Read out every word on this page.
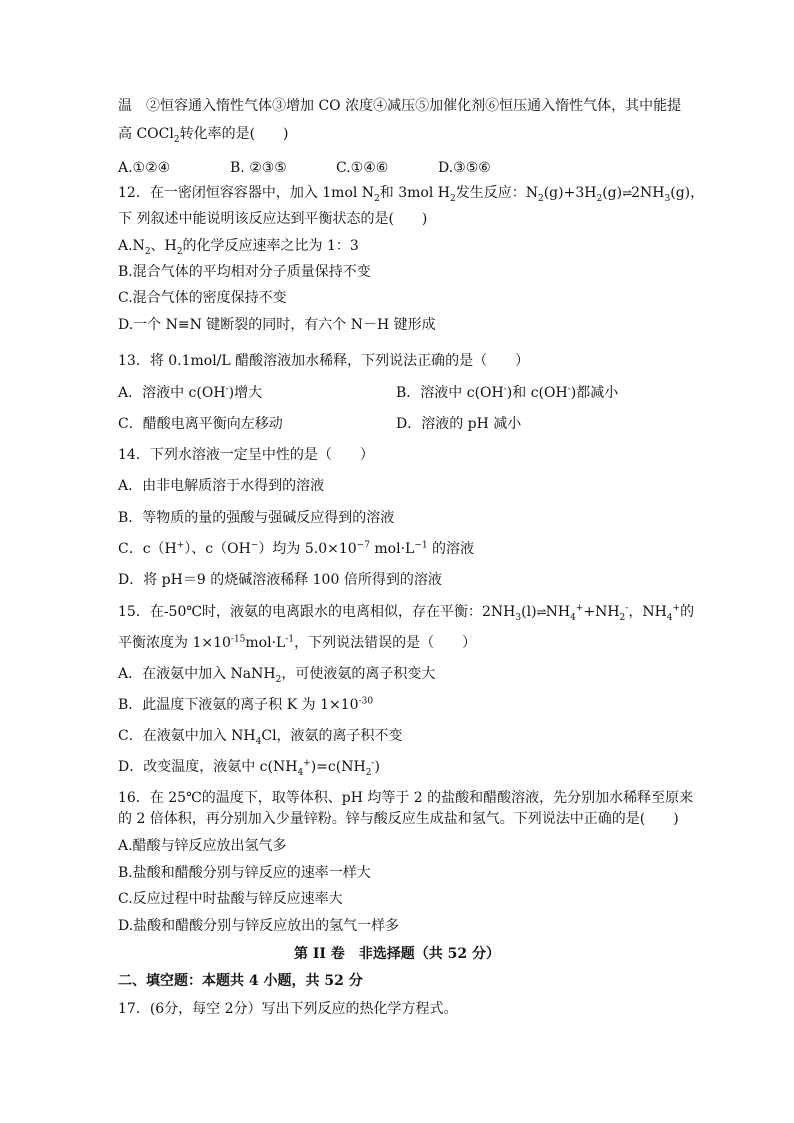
温　②恒容通入惰性气体③增加 CO 浓度④减压⑤加催化剂⑥恒压通入惰性气体，其中能提
高 COCl$_2$转化率的是(　　)
A.①②④	B. ②③⑤	C.①④⑥	D.③⑤⑥
12．在一密闭恒容容器中，加入 1mol $N_2$和 3mol $H_2$发生反应：$N_2(g)+3H_2(g)\rightleftharpoons 2NH_3(g)$，
下 列叙述中能说明该反应达到平衡状态的是(　　)
$A.N_2$、$H_2$的化学反应速率之比为 1：3
B.混合气体的平均相对分子质量保持不变
C.混合气体的密度保持不变
D.一个 N≡N 键断裂的同时，有六个 N－H 键形成
13．将 0.1mol/L 醋酸溶液加水稀释，下列说法正确的是（　　）
A．溶液中 c(OH-)增大	B．溶液中 c(OH-)和 c(OH-)都减小
C．醋酸电离平衡向左移动	D．溶液的 pH 减小
14．下列水溶液一定呈中性的是（　　）
A．由非电解质溶于水得到的溶液
B．等物质的量的强酸与强碱反应得到的溶液
C．c（H+）、c（OH−）均为 $5.0\times 10^{-7}$ $mol\cdot L^{-1}$ 的溶液
D．将 pH＝9 的烧碱溶液稀释 100 倍所得到的溶液
15．在-50℃时，液氨的电离跟水的电离相似，存在平衡：$2NH_3(l)\rightleftharpoons NH_4^++NH_2^-$，$NH_4^+$的
平衡浓度为 $1\times 10^{-15}mol\cdot L^{-1}$，下列说法错误的是（　　）
A．在液氨中加入 NaNH$_2$，可使液氨的离子积变大
B．此温度下液氨的离子积 K 为 $1\times 10^{-30}$
C．在液氨中加入 $NH_4Cl$，液氨的离子积不变
D．改变温度，液氨中 $c(NH_4^+)=c(NH_2^-)$
16．在 25℃的温度下，取等体积、pH 均等于 2 的盐酸和醋酸溶液，先分别加水稀释至原来
的 2 倍体积，再分别加入少量锌粉。锌与酸反应生成盐和氢气。下列说法中正确的是(　　)
A.醋酸与锌反应放出氢气多
B.盐酸和醋酸分别与锌反应的速率一样大
C.反应过程中时盐酸与锌反应速率大
D.盐酸和醋酸分别与锌反应放出的氢气一样多
第 II 卷　非选择题（共 52 分）
二、填空题：本题共 4 小题，共 52 分
17．(6分，每空 2分）写出下列反应的热化学方程式。
